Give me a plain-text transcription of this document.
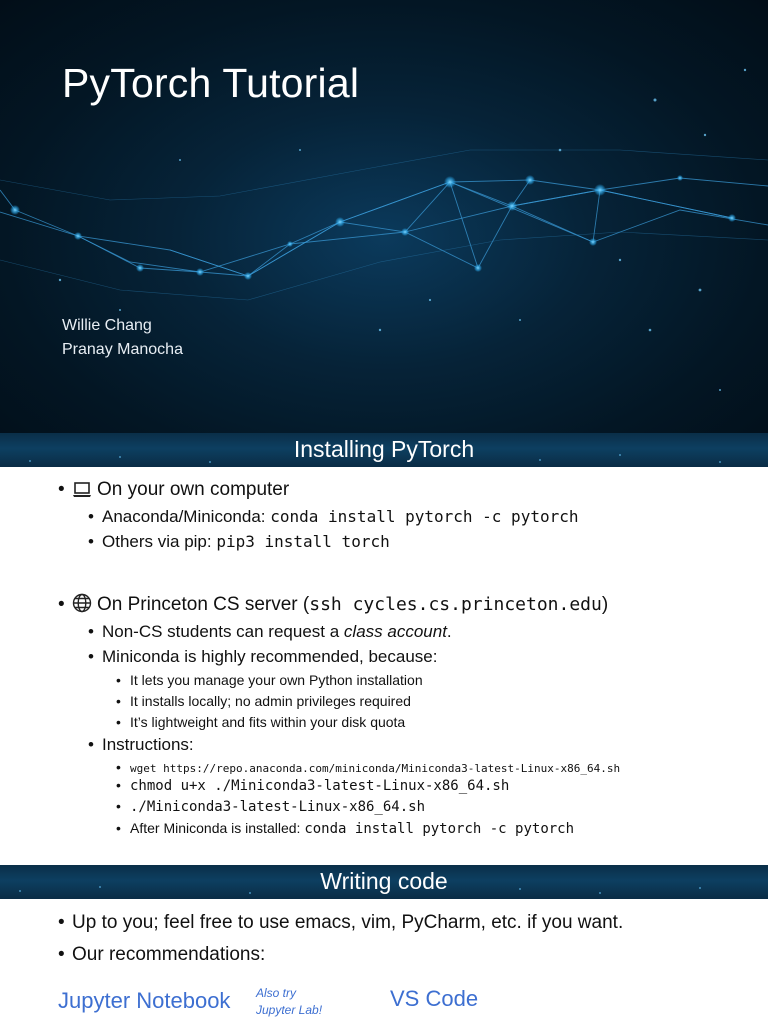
PyTorch Tutorial
Willie Chang
Pranay Manocha
Installing PyTorch
• On your own computer
• Anaconda/Miniconda: conda install pytorch -c pytorch
• Others via pip: pip3 install torch
• On Princeton CS server (ssh cycles.cs.princeton.edu)
• Non-CS students can request a class account.
• Miniconda is highly recommended, because:
• It lets you manage your own Python installation
• It installs locally; no admin privileges required
• It’s lightweight and fits within your disk quota
• Instructions:
• wget https://repo.anaconda.com/miniconda/Miniconda3-latest-Linux-x86_64.sh
• chmod u+x ./Miniconda3-latest-Linux-x86_64.sh
• ./Miniconda3-latest-Linux-x86_64.sh
• After Miniconda is installed: conda install pytorch -c pytorch
Writing code
• Up to you; feel free to use emacs, vim, PyCharm, etc. if you want.
• Our recommendations:
Jupyter Notebook Also try
Jupyter Lab!	VS Code
